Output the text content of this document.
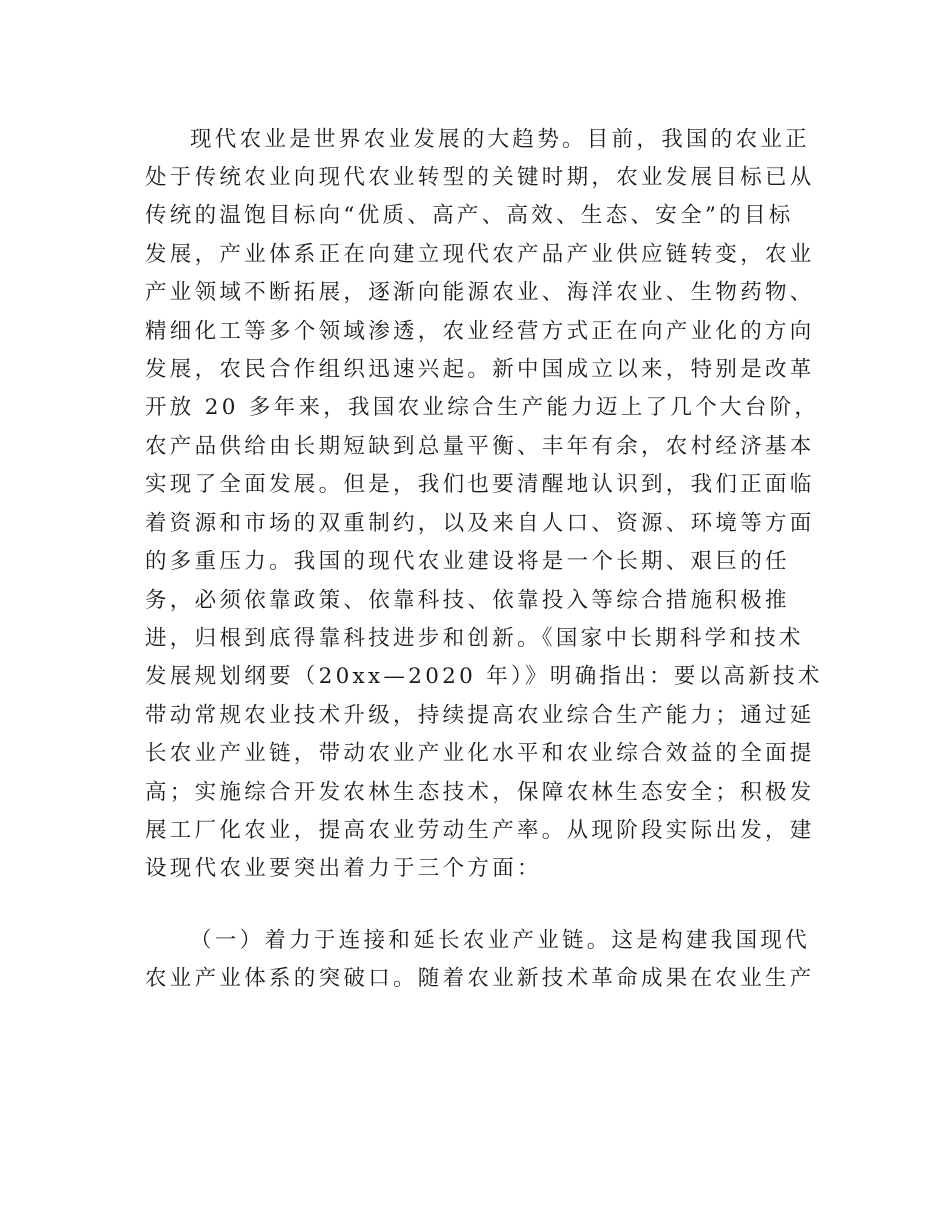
现代农业是世界农业发展的大趋势。目前，我国的农业正
处于传统农业向现代农业转型的关键时期，农业发展目标已从
传统的温饱目标向“优质、高产、高效、生态、安全”的目标
发展，产业体系正在向建立现代农产品产业供应链转变，农业
产业领域不断拓展，逐渐向能源农业、海洋农业、生物药物、
精细化工等多个领域渗透，农业经营方式正在向产业化的方向
发展，农民合作组织迅速兴起。新中国成立以来，特别是改革
开放 20 多年来，我国农业综合生产能力迈上了几个大台阶，
农产品供给由长期短缺到总量平衡、丰年有余，农村经济基本
实现了全面发展。但是，我们也要清醒地认识到，我们正面临
着资源和市场的双重制约，以及来自人口、资源、环境等方面
的多重压力。我国的现代农业建设将是一个长期、艰巨的任
务，必须依靠政策、依靠科技、依靠投入等综合措施积极推
进，归根到底得靠科技进步和创新。《国家中长期科学和技术
发展规划纲要（20xx—2020 年）》明确指出：要以高新技术
带动常规农业技术升级，持续提高农业综合生产能力；通过延
长农业产业链，带动农业产业化水平和农业综合效益的全面提
高；实施综合开发农林生态技术，保障农林生态安全；积极发
展工厂化农业，提高农业劳动生产率。从现阶段实际出发，建
设现代农业要突出着力于三个方面：
（一）着力于连接和延长农业产业链。这是构建我国现代
农业产业体系的突破口。随着农业新技术革命成果在农业生产
